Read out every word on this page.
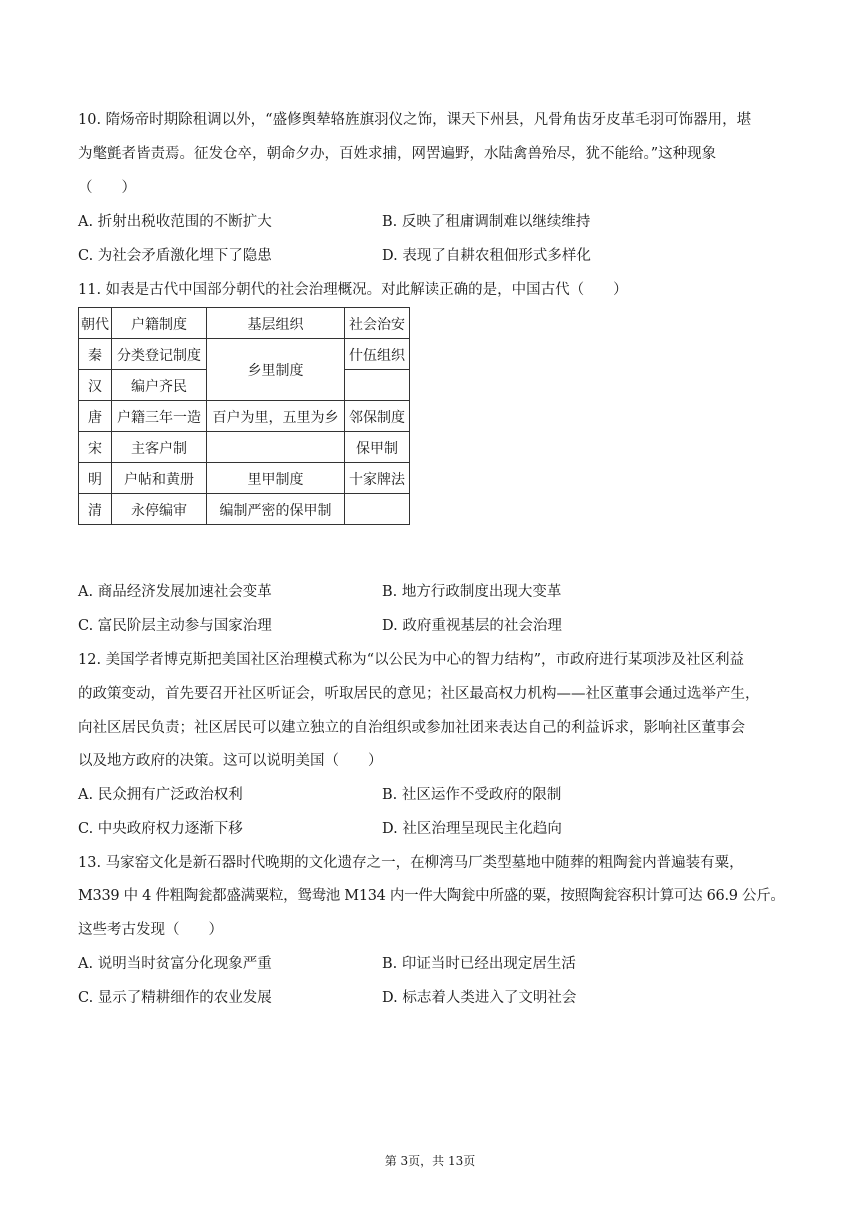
10. 隋炀帝时期除租调以外，“盛修舆辇辂旌旗羽仪之饰，课天下州县，凡骨角齿牙皮革毛羽可饰器用，堪
为氅氈者皆责焉。征发仓卒，朝命夕办，百姓求捕，网罟遍野，水陆禽兽殆尽，犹不能给。”这种现象
（　　）
A. 折射出税收范围的不断扩大	B. 反映了租庸调制难以继续维持
C. 为社会矛盾激化埋下了隐患	D. 表现了自耕农租佃形式多样化
11. 如表是古代中国部分朝代的社会治理概况。对此解读正确的是，中国古代（　　）
朝代	户籍制度	基层组织	社会治安
秦	分类登记制度	乡里制度	什伍组织
汉	编户齐民		
唐	户籍三年一造	百户为里，五里为乡	邻保制度
宋	主客户制		保甲制
明	户帖和黄册	里甲制度	十家牌法
清	永停编审	编制严密的保甲制	
A. 商品经济发展加速社会变革	B. 地方行政制度出现大变革
C. 富民阶层主动参与国家治理	D. 政府重视基层的社会治理
12. 美国学者博克斯把美国社区治理模式称为“以公民为中心的智力结构”，市政府进行某项涉及社区利益
的政策变动，首先要召开社区听证会，听取居民的意见；社区最高权力机构——社区董事会通过选举产生，
向社区居民负责；社区居民可以建立独立的自治组织或参加社团来表达自己的利益诉求，影响社区董事会
以及地方政府的决策。这可以说明美国（　　）
A. 民众拥有广泛政治权利	B. 社区运作不受政府的限制
C. 中央政府权力逐渐下移	D. 社区治理呈现民主化趋向
13. 马家窑文化是新石器时代晚期的文化遗存之一，在柳湾马厂类型墓地中随葬的粗陶瓮内普遍装有粟，
M339 中 4 件粗陶瓮都盛满粟粒，鸳鸯池 M134 内一件大陶瓮中所盛的粟，按照陶瓮容积计算可达 66.9 公斤。
这些考古发现（　　）
A. 说明当时贫富分化现象严重	B. 印证当时已经出现定居生活
C. 显示了精耕细作的农业发展	D. 标志着人类进入了文明社会
第 3页，共 13页
